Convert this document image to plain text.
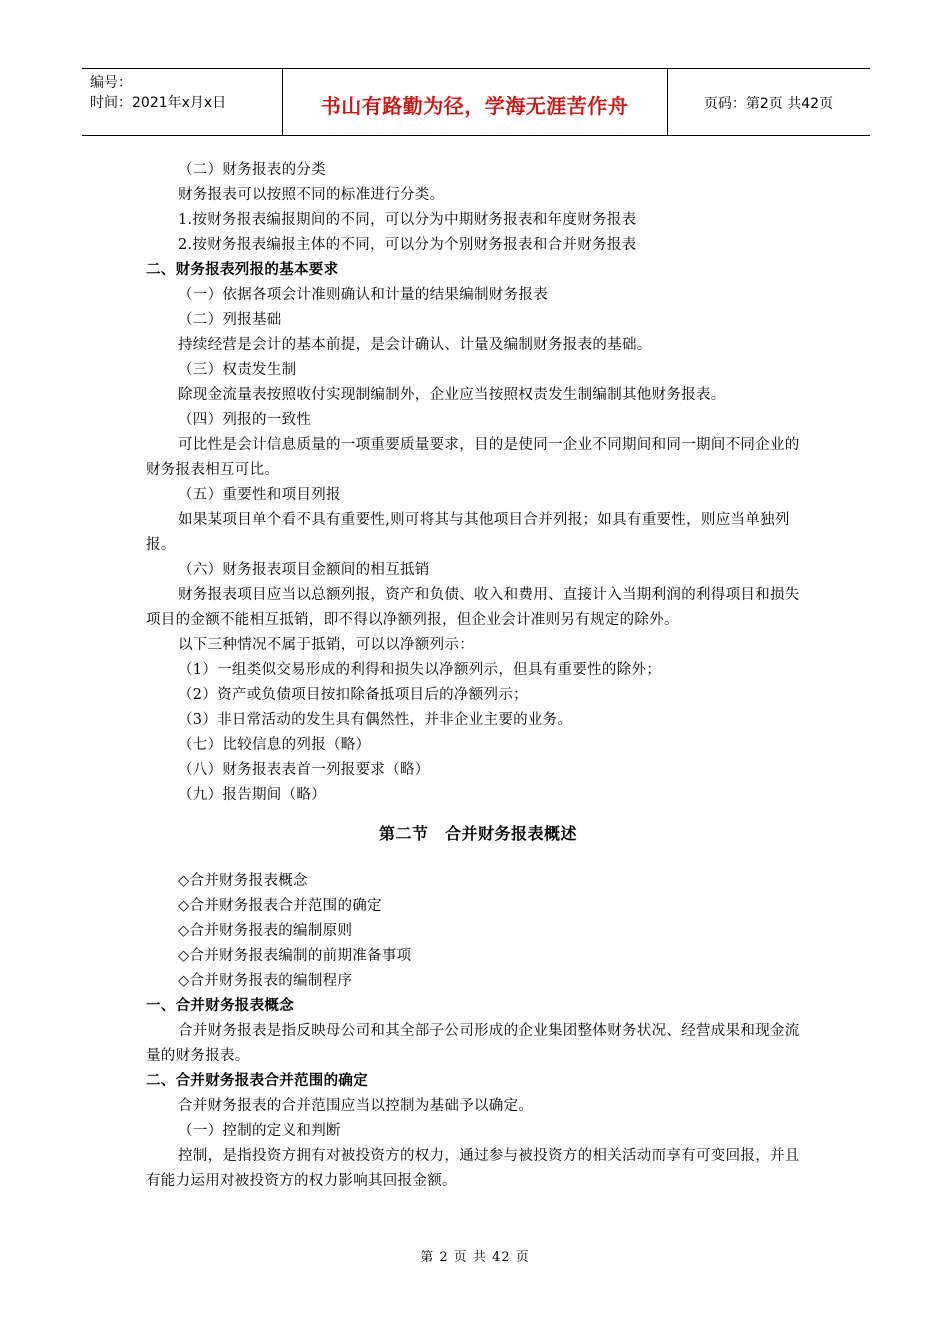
编号：
时间：2021年x月x日	书山有路勤为径，学海无涯苦作舟	页码：第2页 共42页

（二）财务报表的分类

财务报表可以按照不同的标准进行分类。

1.按财务报表编报期间的不同，可以分为中期财务报表和年度财务报表

2.按财务报表编报主体的不同，可以分为个别财务报表和合并财务报表

二、财务报表列报的基本要求

（一）依据各项会计准则确认和计量的结果编制财务报表

（二）列报基础

持续经营是会计的基本前提，是会计确认、计量及编制财务报表的基础。

（三）权责发生制

除现金流量表按照收付实现制编制外，企业应当按照权责发生制编制其他财务报表。

（四）列报的一致性

可比性是会计信息质量的一项重要质量要求，目的是使同一企业不同期间和同一期间不同企业的财务报表相互可比。

（五）重要性和项目列报

如果某项目单个看不具有重要性,则可将其与其他项目合并列报；如具有重要性，则应当单独列报。

（六）财务报表项目金额间的相互抵销

财务报表项目应当以总额列报，资产和负债、收入和费用、直接计入当期利润的利得项目和损失项目的金额不能相互抵销，即不得以净额列报，但企业会计准则另有规定的除外。

以下三种情况不属于抵销，可以以净额列示：

（1）一组类似交易形成的利得和损失以净额列示，但具有重要性的除外；

（2）资产或负债项目按扣除备抵项目后的净额列示；

（3）非日常活动的发生具有偶然性，并非企业主要的业务。

（七）比较信息的列报（略）

（八）财务报表表首一列报要求（略）

（九）报告期间（略）

第二节　合并财务报表概述

◇合并财务报表概念

◇合并财务报表合并范围的确定

◇合并财务报表的编制原则

◇合并财务报表编制的前期准备事项

◇合并财务报表的编制程序

一、合并财务报表概念

合并财务报表是指反映母公司和其全部子公司形成的企业集团整体财务状况、经营成果和现金流量的财务报表。

二、合并财务报表合并范围的确定

合并财务报表的合并范围应当以控制为基础予以确定。

（一）控制的定义和判断

控制，是指投资方拥有对被投资方的权力，通过参与被投资方的相关活动而享有可变回报，并且有能力运用对被投资方的权力影响其回报金额。

第 2 页 共 42 页
